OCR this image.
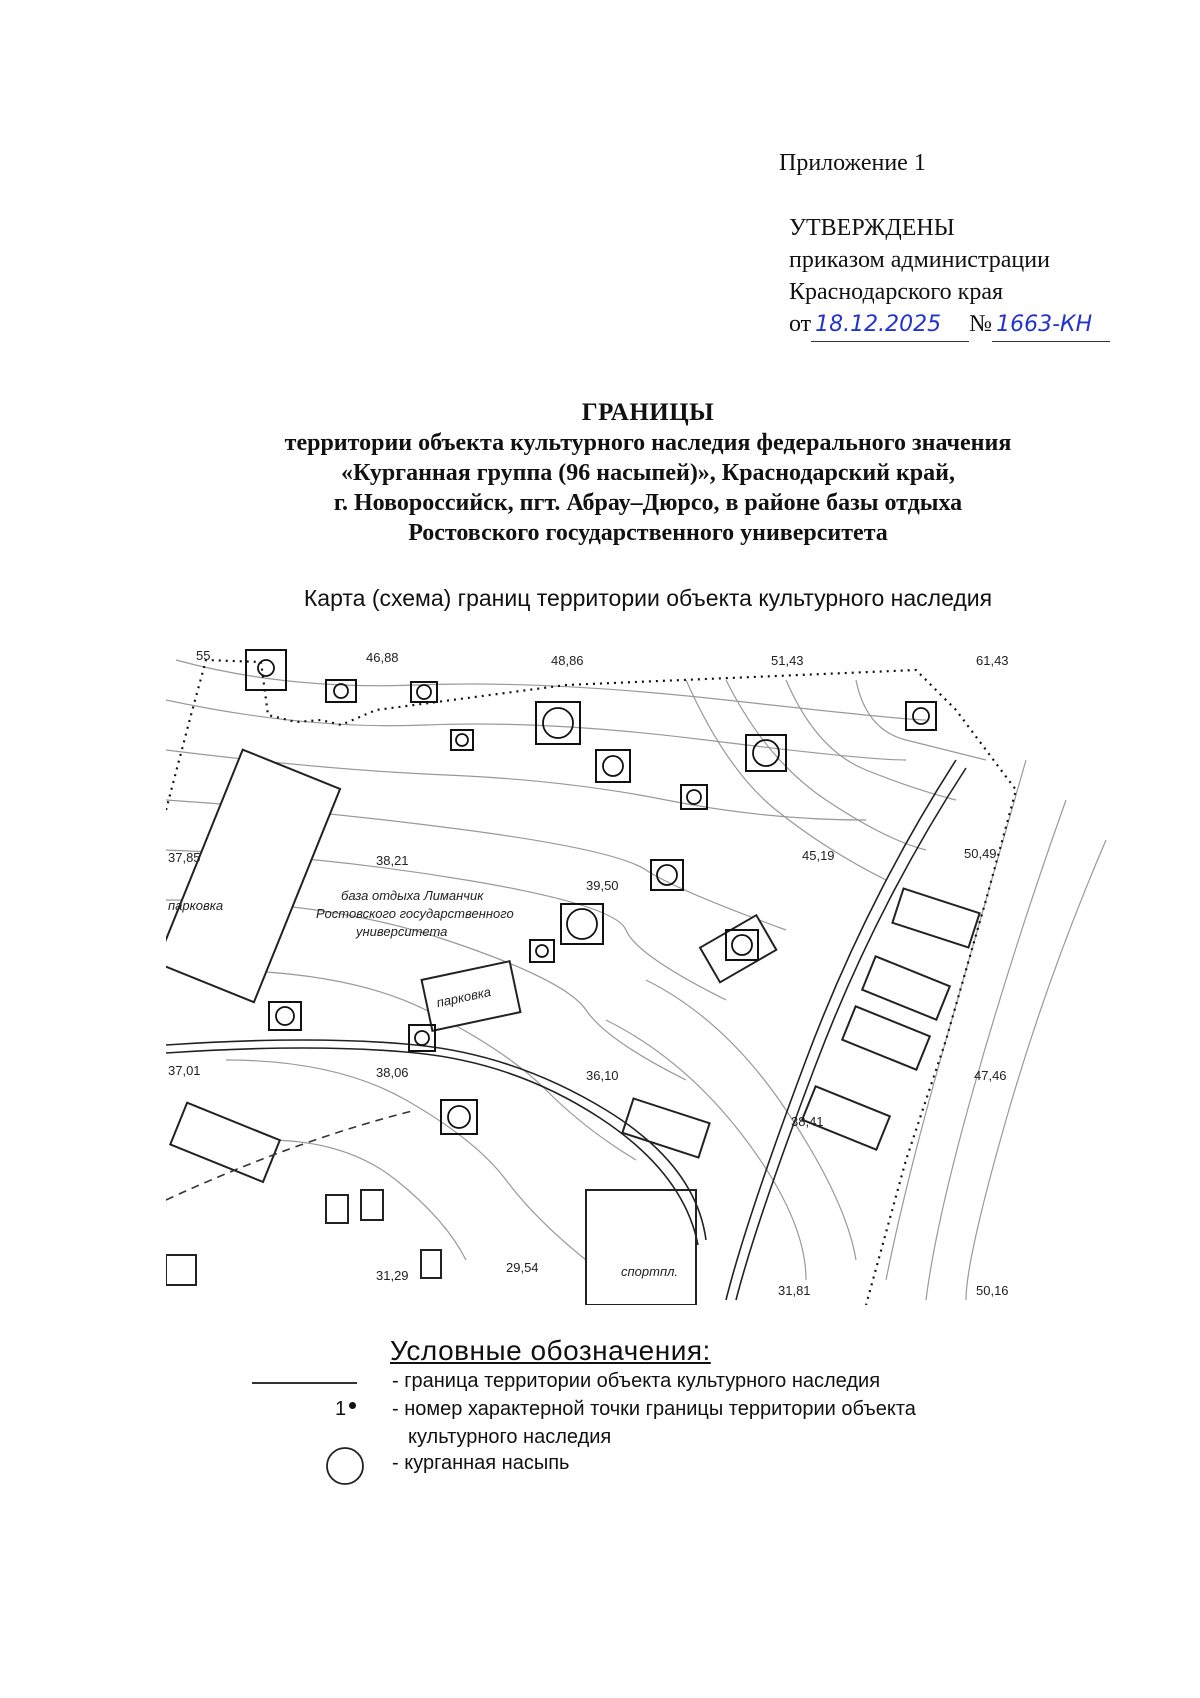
Приложение 1
УТВЕРЖДЕНЫ
приказом администрации
Краснодарского края
от 18.12.2025 № 1663-КН
ГРАНИЦЫ
территории объекта культурного наследия федерального значения
«Курганная группа (96 насыпей)», Краснодарский край,
г. Новороссийск, пгт. Абрау–Дюрсо, в районе базы отдыха
Ростовского государственного университета
Карта (схема) границ территории объекта культурного наследия
55	46,88	48,86	51,43	61,43
37,85	38,21
39,50
45,19	50,49
37,01	38,06	36,10
38,41
47,46
31,29
29,54
31,81	50,16
парковка
парковка
база отдыха Лиманчик
Ростовского государственного
университета
спортпл.
Условные обозначения:
- граница территории объекта культурного наследия
1	- номер характерной точки границы территории объекта
культурного наследия
- курганная насыпь
